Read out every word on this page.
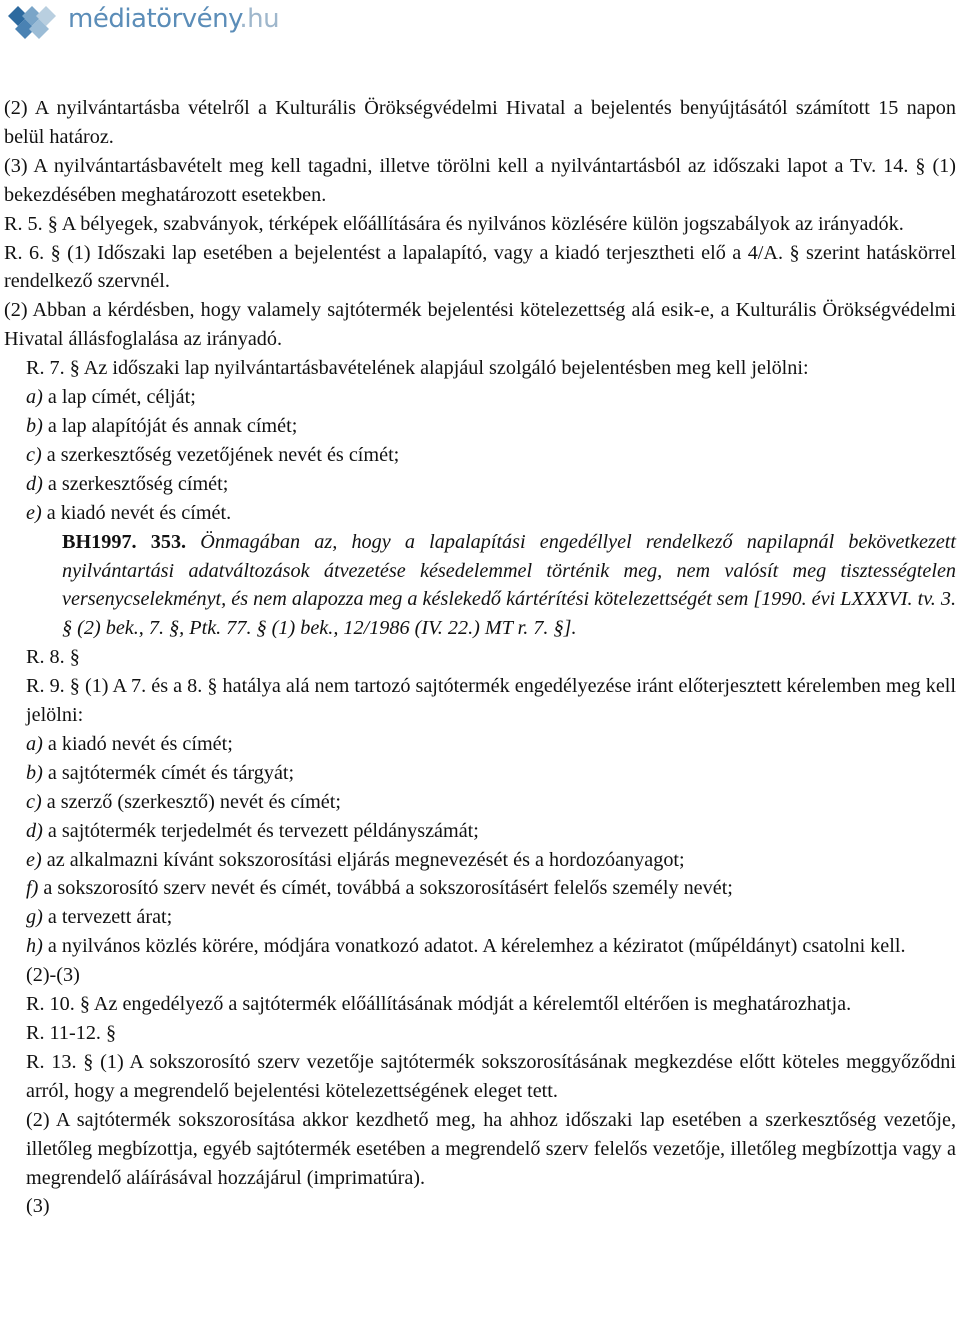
médiatörvény.hu

(2) A nyilvántartásba vételről a Kulturális Örökségvédelmi Hivatal a bejelentés benyújtásától számított 15 napon belül határoz.

(3) A nyilvántartásbavételt meg kell tagadni, illetve törölni kell a nyilvántartásból az időszaki lapot a Tv. 14. § (1) bekezdésében meghatározott esetekben.

R. 5. § A bélyegek, szabványok, térképek előállítására és nyilvános közlésére külön jogszabályok az irányadók.

R. 6. § (1) Időszaki lap esetében a bejelentést a lapalapító, vagy a kiadó terjesztheti elő a 4/A. § szerint hatáskörrel rendelkező szervnél.

(2) Abban a kérdésben, hogy valamely sajtótermék bejelentési kötelezettség alá esik-e, a Kulturális Örökségvédelmi Hivatal állásfoglalása az irányadó.

R. 7. § Az időszaki lap nyilvántartásbavételének alapjául szolgáló bejelentésben meg kell jelölni:

a) a lap címét, célját;

b) a lap alapítóját és annak címét;

c) a szerkesztőség vezetőjének nevét és címét;

d) a szerkesztőség címét;

e) a kiadó nevét és címét.

BH1997. 353. Önmagában az, hogy a lapalapítási engedéllyel rendelkező napilapnál bekövetkezett nyilvántartási adatváltozások átvezetése késedelemmel történik meg, nem valósít meg tisztességtelen versenycselekményt, és nem alapozza meg a késlekedő kártérítési kötelezettségét sem [1990. évi LXXXVI. tv. 3. § (2) bek., 7. §, Ptk. 77. § (1) bek., 12/1986 (IV. 22.) MT r. 7. §].

R. 8. §

R. 9. § (1) A 7. és a 8. § hatálya alá nem tartozó sajtótermék engedélyezése iránt előterjesztett kérelemben meg kell jelölni:

a) a kiadó nevét és címét;

b) a sajtótermék címét és tárgyát;

c) a szerző (szerkesztő) nevét és címét;

d) a sajtótermék terjedelmét és tervezett példányszámát;

e) az alkalmazni kívánt sokszorosítási eljárás megnevezését és a hordozóanyagot;

f) a sokszorosító szerv nevét és címét, továbbá a sokszorosításért felelős személy nevét;

g) a tervezett árat;

h) a nyilvános közlés körére, módjára vonatkozó adatot. A kérelemhez a kéziratot (műpéldányt) csatolni kell.

(2)-(3)

R. 10. § Az engedélyező a sajtótermék előállításának módját a kérelemtől eltérően is meghatározhatja.

R. 11-12. §

R. 13. § (1) A sokszorosító szerv vezetője sajtótermék sokszorosításának megkezdése előtt köteles meggyőződni arról, hogy a megrendelő bejelentési kötelezettségének eleget tett.

(2) A sajtótermék sokszorosítása akkor kezdhető meg, ha ahhoz időszaki lap esetében a szerkesztőség vezetője, illetőleg megbízottja, egyéb sajtótermék esetében a megrendelő szerv felelős vezetője, illetőleg megbízottja vagy a megrendelő aláírásával hozzájárul (imprimatúra).

(3)
